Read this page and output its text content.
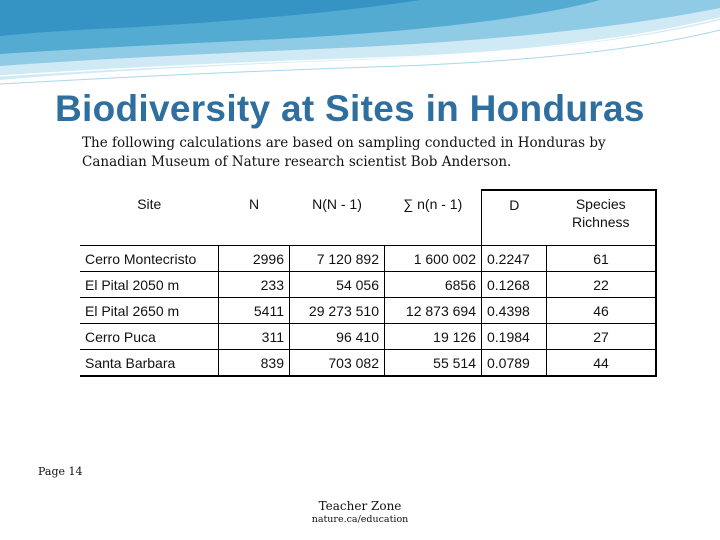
Biodiversity at Sites in Honduras
The following calculations are based on sampling conducted in Honduras by Canadian Museum of Nature research scientist Bob Anderson.
Site	N	N(N - 1)	∑ n(n - 1)	D	Species Richness
Cerro Montecristo	2996	7 120 892	1 600 002	0.2247	61
El Pital 2050 m	233	54 056	6856	0.1268	22
El Pital 2650 m	5411	29 273 510	12 873 694	0.4398	46
Cerro Puca	311	96 410	19 126	0.1984	27
Santa Barbara	839	703 082	55 514	0.0789	44
Page 14
Teacher Zone
nature.ca/education
